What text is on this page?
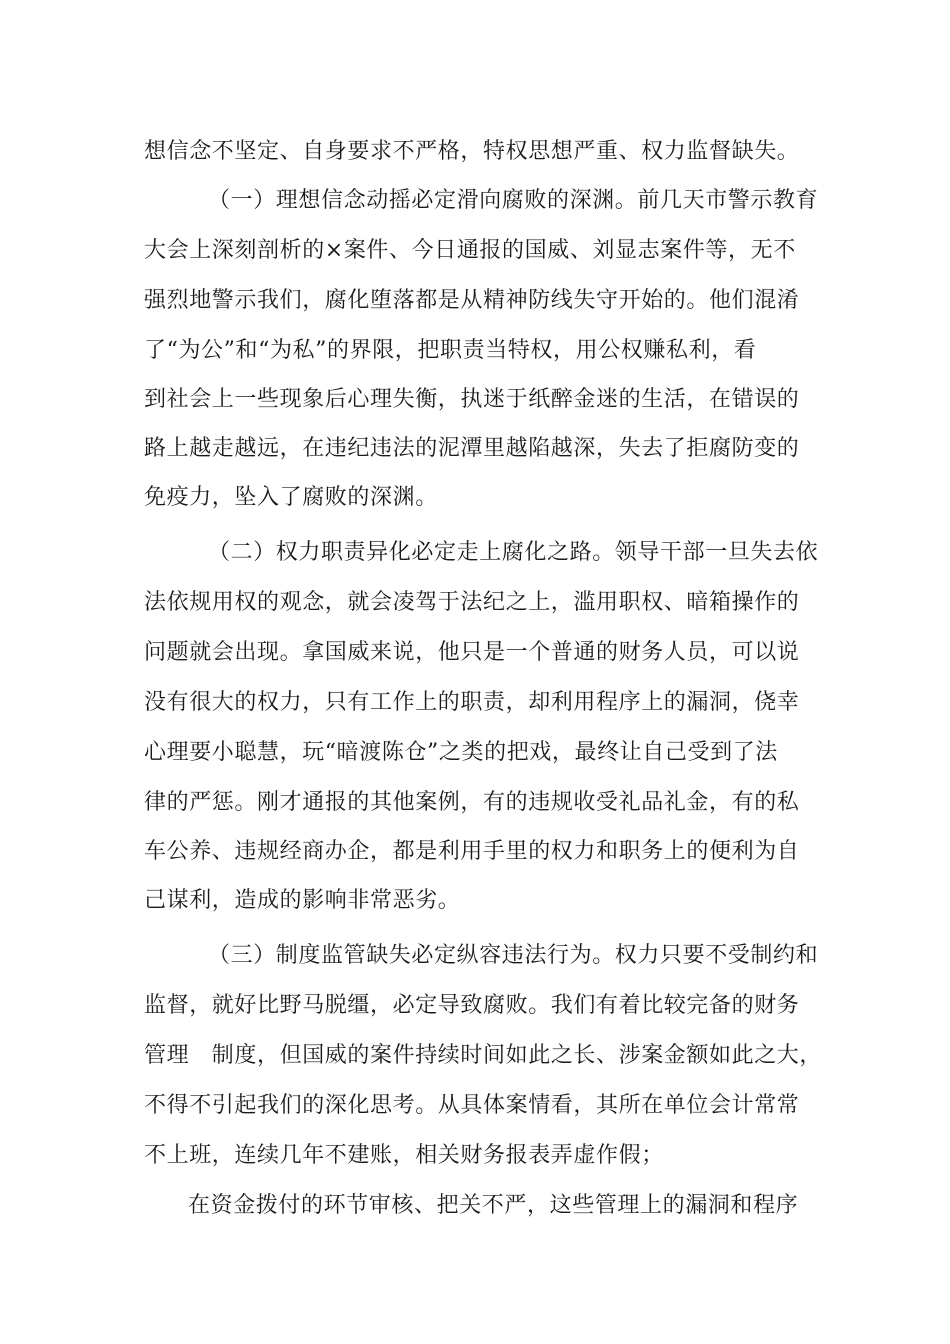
想信念不坚定、自身要求不严格，特权思想严重、权力监督缺失。
（一）理想信念动摇必定滑向腐败的深渊。前几天市警示教育
大会上深刻剖析的×案件、今日通报的国威、刘显志案件等，无不
强烈地警示我们，腐化堕落都是从精神防线失守开始的。他们混淆
了“为公”和“为私”的界限，把职责当特权，用公权赚私利，看
到社会上一些现象后心理失衡，执迷于纸醉金迷的生活，在错误的
路上越走越远，在违纪违法的泥潭里越陷越深，失去了拒腐防变的
免疫力，坠入了腐败的深渊。
（二）权力职责异化必定走上腐化之路。领导干部一旦失去依
法依规用权的观念，就会凌驾于法纪之上，滥用职权、暗箱操作的
问题就会出现。拿国威来说，他只是一个普通的财务人员，可以说
没有很大的权力，只有工作上的职责，却利用程序上的漏洞，侥幸
心理要小聪慧，玩“暗渡陈仓”之类的把戏，最终让自己受到了法
律的严惩。刚才通报的其他案例，有的违规收受礼品礼金，有的私
车公养、违规经商办企，都是利用手里的权力和职务上的便利为自
己谋利，造成的影响非常恶劣。
（三）制度监管缺失必定纵容违法行为。权力只要不受制约和
监督，就好比野马脱缰，必定导致腐败。我们有着比较完备的财务
管理　制度，但国威的案件持续时间如此之长、涉案金额如此之大，
不得不引起我们的深化思考。从具体案情看，其所在单位会计常常
不上班，连续几年不建账，相关财务报表弄虚作假；
在资金拨付的环节审核、把关不严，这些管理上的漏洞和程序
